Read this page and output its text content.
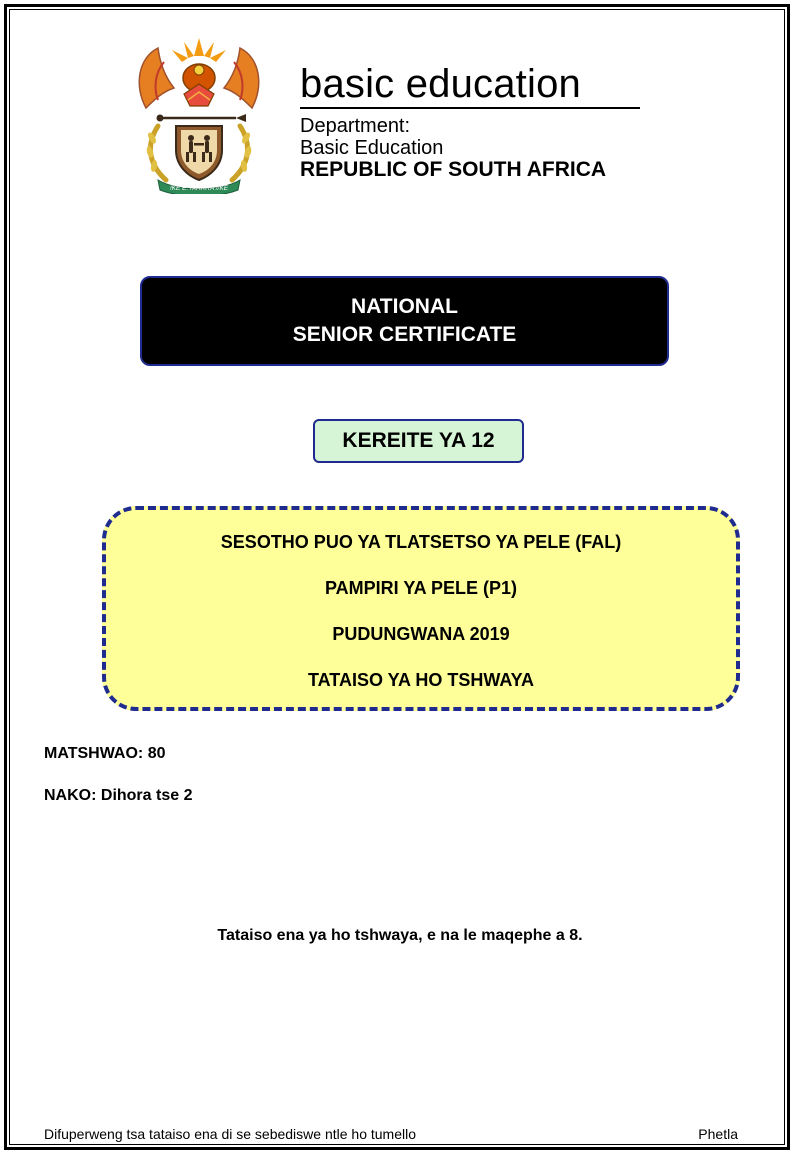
!KE E: /XARRA //KE
basic education
Department:
Basic Education
REPUBLIC OF SOUTH AFRICA
NATIONAL
SENIOR CERTIFICATE
KEREITE YA 12
SESOTHO PUO YA TLATSETSO YA PELE (FAL)
PAMPIRI YA PELE (P1)
PUDUNGWANA 2019
TATAISO YA HO TSHWAYA
MATSHWAO: 80
NAKO: Dihora tse 2
Tataiso ena ya ho tshwaya, e na le maqephe a 8.
Difuperweng tsa tataiso ena di se sebediswe ntle ho tumello	Phetla
